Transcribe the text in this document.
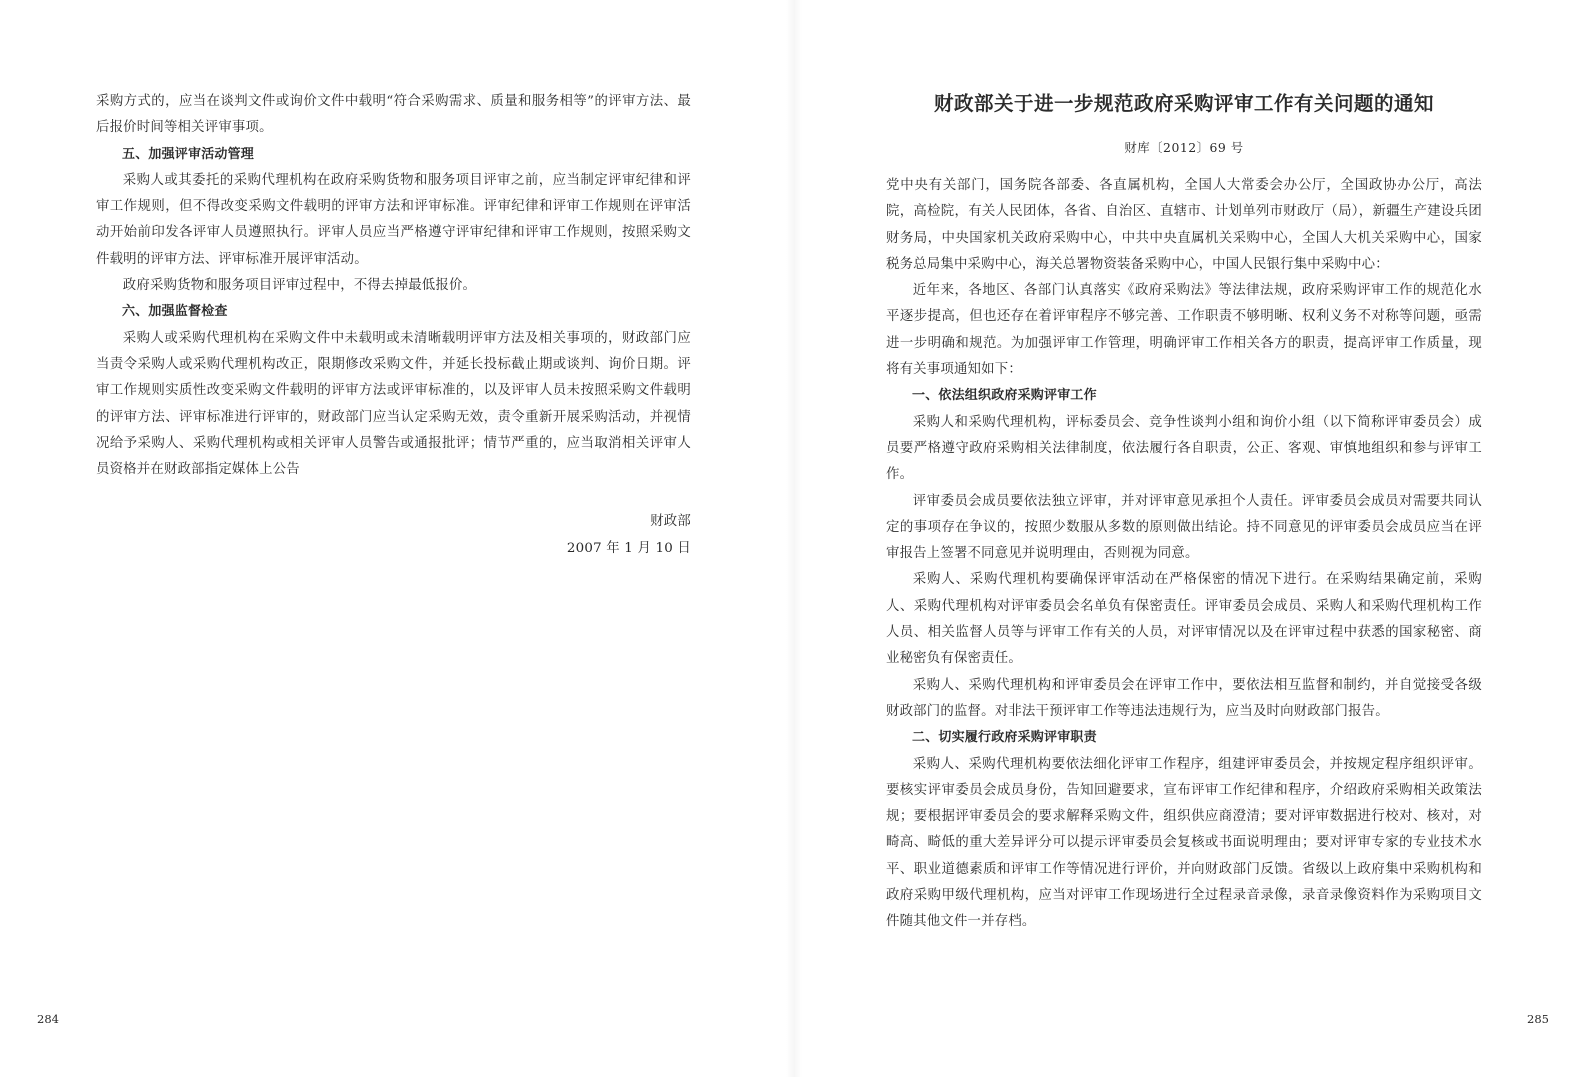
采购方式的，应当在谈判文件或询价文件中载明“符合采购需求、质量和服务相等”的评审方法、最后报价时间等相关评审事项。

五、加强评审活动管理

采购人或其委托的采购代理机构在政府采购货物和服务项目评审之前，应当制定评审纪律和评审工作规则，但不得改变采购文件载明的评审方法和评审标准。评审纪律和评审工作规则在评审活动开始前印发各评审人员遵照执行。评审人员应当严格遵守评审纪律和评审工作规则，按照采购文件载明的评审方法、评审标准开展评审活动。

政府采购货物和服务项目评审过程中，不得去掉最低报价。

六、加强监督检查

采购人或采购代理机构在采购文件中未载明或未清晰载明评审方法及相关事项的，财政部门应当责令采购人或采购代理机构改正，限期修改采购文件，并延长投标截止期或谈判、询价日期。评审工作规则实质性改变采购文件载明的评审方法或评审标准的，以及评审人员未按照采购文件载明的评审方法、评审标准进行评审的，财政部门应当认定采购无效，责令重新开展采购活动，并视情况给予采购人、采购代理机构或相关评审人员警告或通报批评；情节严重的，应当取消相关评审人员资格并在财政部指定媒体上公告

财政部

2007 年 1 月 10 日

284
财政部关于进一步规范政府采购评审工作有关问题的通知
财库〔2012〕69 号

党中央有关部门，国务院各部委、各直属机构，全国人大常委会办公厅，全国政协办公厅，高法院，高检院，有关人民团体，各省、自治区、直辖市、计划单列市财政厅（局），新疆生产建设兵团财务局，中央国家机关政府采购中心，中共中央直属机关采购中心，全国人大机关采购中心，国家税务总局集中采购中心，海关总署物资装备采购中心，中国人民银行集中采购中心：

近年来，各地区、各部门认真落实《政府采购法》等法律法规，政府采购评审工作的规范化水平逐步提高，但也还存在着评审程序不够完善、工作职责不够明晰、权利义务不对称等问题，亟需进一步明确和规范。为加强评审工作管理，明确评审工作相关各方的职责，提高评审工作质量，现将有关事项通知如下：

一、依法组织政府采购评审工作

采购人和采购代理机构，评标委员会、竞争性谈判小组和询价小组（以下简称评审委员会）成员要严格遵守政府采购相关法律制度，依法履行各自职责，公正、客观、审慎地组织和参与评审工作。

评审委员会成员要依法独立评审，并对评审意见承担个人责任。评审委员会成员对需要共同认定的事项存在争议的，按照少数服从多数的原则做出结论。持不同意见的评审委员会成员应当在评审报告上签署不同意见并说明理由，否则视为同意。

采购人、采购代理机构要确保评审活动在严格保密的情况下进行。在采购结果确定前，采购人、采购代理机构对评审委员会名单负有保密责任。评审委员会成员、采购人和采购代理机构工作人员、相关监督人员等与评审工作有关的人员，对评审情况以及在评审过程中获悉的国家秘密、商业秘密负有保密责任。

采购人、采购代理机构和评审委员会在评审工作中，要依法相互监督和制约，并自觉接受各级财政部门的监督。对非法干预评审工作等违法违规行为，应当及时向财政部门报告。

二、切实履行政府采购评审职责

采购人、采购代理机构要依法细化评审工作程序，组建评审委员会，并按规定程序组织评审。要核实评审委员会成员身份，告知回避要求，宣布评审工作纪律和程序，介绍政府采购相关政策法规；要根据评审委员会的要求解释采购文件，组织供应商澄清；要对评审数据进行校对、核对，对畸高、畸低的重大差异评分可以提示评审委员会复核或书面说明理由；要对评审专家的专业技术水平、职业道德素质和评审工作等情况进行评价，并向财政部门反馈。省级以上政府集中采购机构和政府采购甲级代理机构，应当对评审工作现场进行全过程录音录像，录音录像资料作为采购项目文件随其他文件一并存档。

285
